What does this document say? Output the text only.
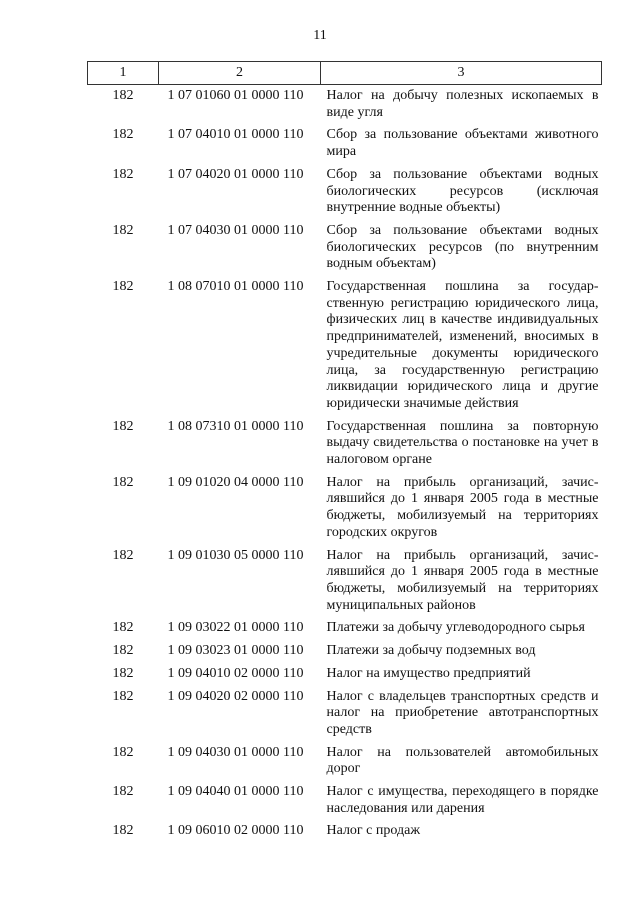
11
1	2	3
182	1 07 01060 01 0000 110	Налог на добычу полезных ископаемых в виде угля
182	1 07 04010 01 0000 110	Сбор за пользование объектами животного мира
182	1 07 04020 01 0000 110	Сбор за пользование объектами водных биологических ресурсов (исключая внутренние водные объекты)
182	1 07 04030 01 0000 110	Сбор за пользование объектами водных биологических ресурсов (по внутренним водным объектам)
182	1 08 07010 01 0000 110	Государственная пошлина за государственную регистрацию юридического лица, физических лиц в качестве индивидуальных предпринимателей, изменений, вносимых в учредительные документы юридического лица, за государственную регистрацию ликвидации юридического лица и другие юридически значимые действия
182	1 08 07310 01 0000 110	Государственная пошлина за повторную выдачу свидетельства о постановке на учет в налоговом органе
182	1 09 01020 04 0000 110	Налог на прибыль организаций, зачислявшийся до 1 января 2005 года в местные бюджеты, мобилизуемый на территориях городских округов
182	1 09 01030 05 0000 110	Налог на прибыль организаций, зачислявшийся до 1 января 2005 года в местные бюджеты, мобилизуемый на территориях муниципальных районов
182	1 09 03022 01 0000 110	Платежи за добычу углеводородного сырья
182	1 09 03023 01 0000 110	Платежи за добычу подземных вод
182	1 09 04010 02 0000 110	Налог на имущество предприятий
182	1 09 04020 02 0000 110	Налог с владельцев транспортных средств и налог на приобретение автотранспортных средств
182	1 09 04030 01 0000 110	Налог на пользователей автомобильных дорог
182	1 09 04040 01 0000 110	Налог с имущества, переходящего в порядке наследования или дарения
182	1 09 06010 02 0000 110	Налог с продаж
